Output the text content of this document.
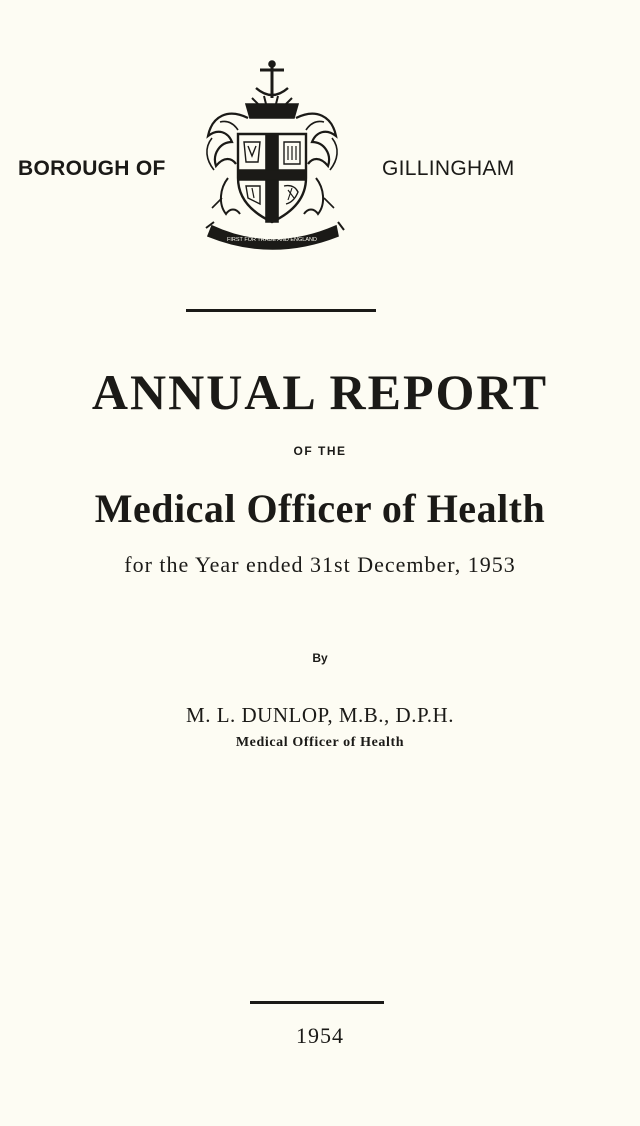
BOROUGH OF	GILLINGHAM
FIRST FOR TRADE AND ENGLAND
ANNUAL REPORT
OF THE
Medical Officer of Health
for the Year ended 31st December, 1953
By
M. L. DUNLOP, M.B., D.P.H.
Medical Officer of Health
1954
